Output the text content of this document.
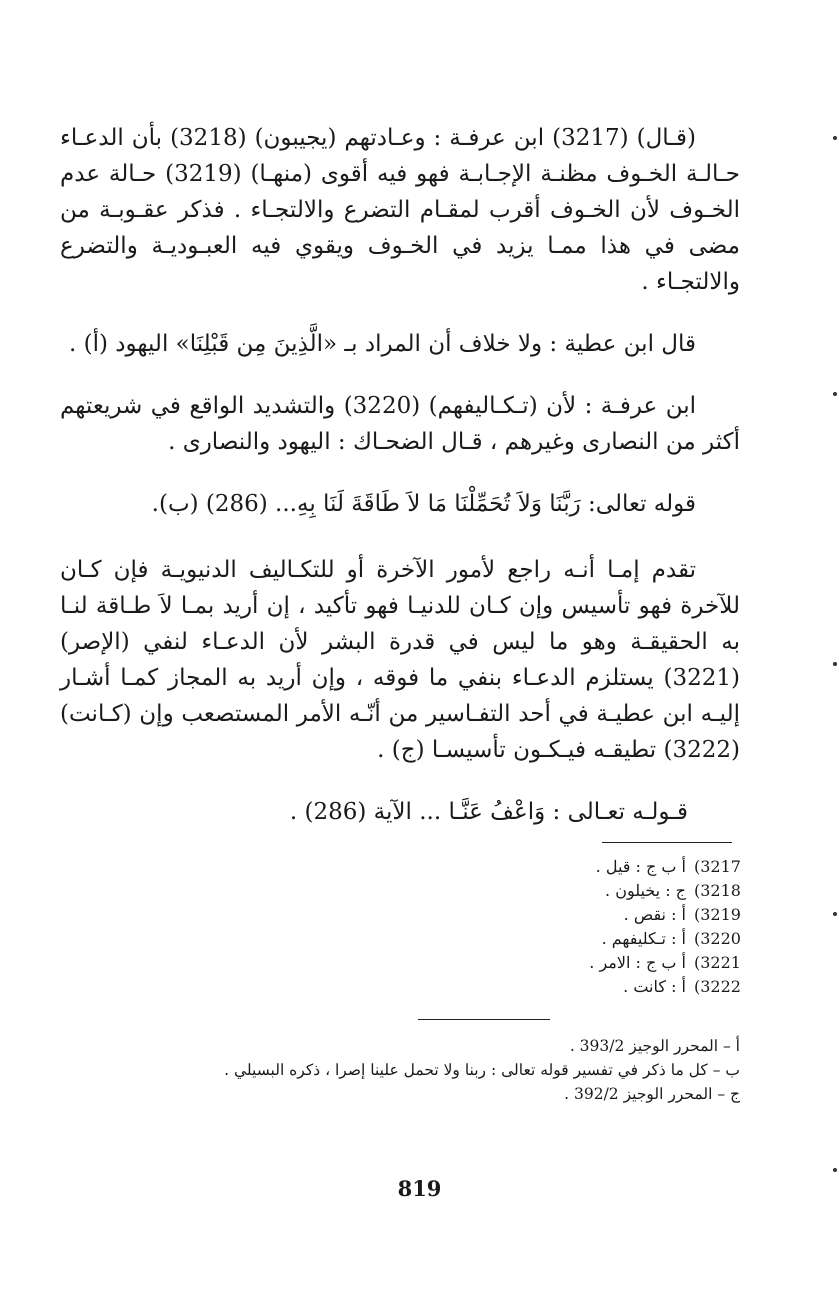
(قـال) (3217) ابن عرفـة : وعـادتهم (يجيبون) (3218) بأن الدعـاء حـالـة الخـوف مظنـة الإجـابـة فهو فيه أقوى (منهـا) (3219) حـالة عدم الخـوف لأن الخـوف أقرب لمقـام التضرع والالتجـاء . فذكر عقـوبـة من مضى في هذا ممـا يزيد في الخـوف ويقوي فيه العبـوديـة والتضرع والالتجـاء .

قال ابن عطية : ولا خلاف أن المراد بـ «الَّذِينَ مِن قَبْلِنَا» اليهود (أ) .

ابن عرفـة : لأن (تـكـاليفهم) (3220) والتشديد الواقع في شريعتهم أكثر من النصارى وغيرهم ، قـال الضحـاك : اليهود والنصارى .

قوله تعالى: رَبَّنَا وَلاَ تُحَمِّلْنَا مَا لاَ طَاقَةَ لَنَا بِهِ... (286) (ب).

تقدم إمـا أنـه راجع لأمور الآخرة أو للتكـاليف الدنيويـة فإن كـان للآخرة فهو تأسيس وإن كـان للدنيـا فهو تأكيد ، إن أريد بمـا لاَ طـاقة لنـا به الحقيقـة وهو ما ليس في قدرة البشر لأن الدعـاء لنفي (الإصر) (3221) يستلزم الدعـاء بنفي ما فوقه ، وإن أريد به المجاز كمـا أشـار إليـه ابن عطيـة في أحد التفـاسير من أنّـه الأمر المستصعب وإن (كـانت) (3222) تطيقـه فيـكـون تأسيسـا (ج) .

قـولـه تعـالى : وَاعْفُ عَنَّـا ... الآية (286) .

(3217
أ ب ج : قيل .
(3218
ج : يخيلون .
(3219
أ : نقص .
(3220
أ : تـكليفهم .
(3221
أ ب ج : الامر .
(3222
أ : كانت .
أ – المحرر الوجيز 393/2 .
ب – كل ما ذكر في تفسير قوله تعالى : ربنا ولا تحمل علينا إصرا ، ذكره البسيلي .
ج – المحرر الوجيز 392/2 .
819
